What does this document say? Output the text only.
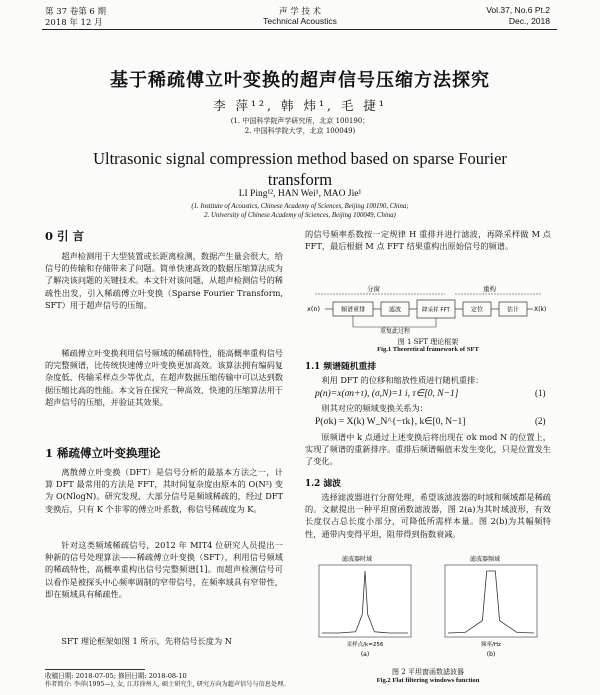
第 37 卷第 6 期
2018 年 12 月
声 学 技 术
Technical Acoustics
Vol.37, No.6 Pt.2
Dec., 2018
基于稀疏傅立叶变换的超声信号压缩方法探究
李 萍¹², 韩 炜¹, 毛 捷¹
(1. 中国科学院声学研究所，北京 100190；
2. 中国科学院大学，北京 100049)
Ultrasonic signal compression method based on sparse Fourier
transform
LI Ping¹², HAN Wei¹, MAO Jie¹
(1. Institute of Acoustics, Chinese Academy of Sciences, Beijing 100190, China;
2. University of Chinese Academy of Sciences, Beijing 100049, China)
0 引 言
超声检测用于大型装置或长距离检测，数据产生量会很大，给信号的传输和存储带来了问题。简单快速高效的数据压缩算法成为了解决该问题的关键技术。本文针对该问题，从超声检测信号的稀疏性出发，引入稀疏傅立叶变换（Sparse Fourier Transform, SFT）用于超声信号的压缩。
稀疏傅立叶变换利用信号频域的稀疏特性，能高概率重构信号的完整频谱，比传统快速傅立叶变换更加高效。该算法拥有编码复杂度低、传输采样点少等优点，在超声数据压缩传输中可以达到数据压缩比高的性能。本文旨在探究一种高效、快速的压缩算法用于超声信号的压缩，并验证其效果。
1 稀疏傅立叶变换理论
离散傅立叶变换（DFT）是信号分析的最基本方法之一，计算 DFT 最常用的方法是 FFT，其时间复杂度由原本的 O(N²) 变为 O(NlogN)。研究发现，大部分信号是频域稀疏的，经过 DFT 变换后，只有 K 个非零的傅立叶系数，称信号稀疏度为 K。
针对这类频域稀疏信号，2012 年 MIT4 位研究人员提出一种新的信号处理算法——稀疏傅立叶变换（SFT），利用信号频域的稀疏特性，高概率重构出信号完整频谱[1]。而超声检测信号可以看作是被探头中心频率调制的窄带信号，在频率域具有窄带性，即在频域具有稀疏性。
SFT 理论框架如图 1 所示，先将信号长度为 N
收稿日期: 2018-07-05; 修回日期: 2018-08-10
作者简介: 李萍(1995—), 女, 江苏徐州人, 硕士研究生, 研究方向为超声信号与信息处理。
的信号频率系数按一定规律 H 重排并进行滤波，再降采样做 M 点 FFT，最后根据 M 点 FFT 结果重构出原始信号的频谱。
分窗	重构
x(n)	频谱重排	滤波	降采样 FFT	定位	估计 X(k)
重复此过程
图 1 SFT 理论框架
Fig.1 Theoretical framework of SFT
1.1 频谱随机重排
利用 DFT 的位移和缩放性质进行随机重排：
p(n)=x(σn+τ), (σ,N)=1 i, τ∈[0, N−1]	(1)
则其对应的频域变换关系为：
P(σk) = X(k) W_N^{−τk}, k∈[0, N−1]	(2)
原频谱中 k 点通过上述变换后将出现在 σk mod N 的位置上，实现了频谱的重新排序。重排后频谱幅值未发生变化，只是位置发生了变化。
1.2 滤波
选择滤波器进行分窗处理，希望该滤波器的时域和频域都是稀疏的。文献提出一种平坦窗函数滤波器，图 2(a)为其时域波形，有效长度仅占总长度小部分，可降低所需样本量。图 2(b)为其幅频特性，通带内变得平坦，阻带得到指数衰减。
滤波器时域	滤波器频域
采样点/k=256	频率/Hz
(a)	(b)
图 2 平坦窗函数滤波器
Fig.2 Flat filtering windows function
